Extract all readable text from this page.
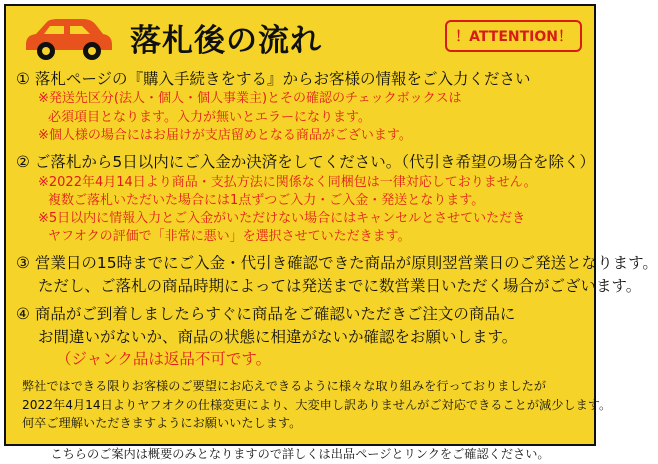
落札後の流れ	！ATTENTION！
① 落札ページの『購入手続きをする』からお客様の情報をご入力ください
※発送先区分(法人・個人・個人事業主)とその確認のチェックボックスは
必須項目となります。入力が無いとエラーになります。
※個人様の場合にはお届けが支店留めとなる商品がございます。
② ご落札から5日以内にご入金か決済をしてください。（代引き希望の場合を除く）
※2022年4月14日より商品・支払方法に関係なく同梱包は一律対応しておりません。
複数ご落札いただいた場合には1点ずつご入力・ご入金・発送となります。
※5日以内に情報入力とご入金がいただけない場合にはキャンセルとさせていただき
ヤフオクの評価で「非常に悪い」を選択させていただきます。
③ 営業日の15時までにご入金・代引き確認できた商品が原則翌営業日のご発送となります。
ただし、ご落札の商品時期によっては発送までに数営業日いただく場合がございます。
④ 商品がご到着しましたらすぐに商品をご確認いただきご注文の商品に
お間違いがないか、商品の状態に相違がないか確認をお願いします。
（ジャンク品は返品不可です。
弊社ではできる限りお客様のご要望にお応えできるように様々な取り組みを行っておりましたが
2022年4月14日よりヤフオクの仕様変更により、大変申し訳ありませんがご対応できることが減少します。
何卒ご理解いただきますようにお願いいたします。
こちらのご案内は概要のみとなりますので詳しくは出品ページとリンクをご確認ください。
